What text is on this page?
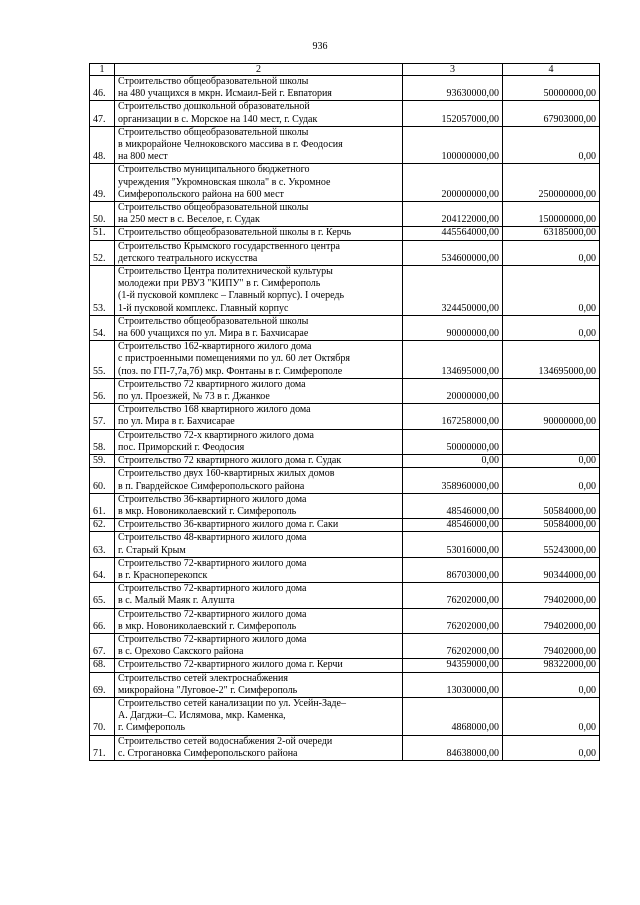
936
1	2	3	4
46.	Строительство общеобразовательной школы
на 480 учащихся в мкрн. Исмаил-Бей г. Евпатория	93630000,00	50000000,00
47.	Строительство дошкольной образовательной
организации в с. Морское на 140 мест, г. Судак	152057000,00	67903000,00
48.	Строительство общеобразовательной школы
в микрорайоне Челноковского массива в г. Феодосия
на 800 мест	100000000,00	0,00
49.	Строительство муниципального бюджетного
учреждения "Укромновская школа" в с. Укромное
Симферопольского района на 600 мест	200000000,00	250000000,00
50.	Строительство общеобразовательной школы
на 250 мест в с. Веселое, г. Судак	204122000,00	150000000,00
51.	Строительство общеобразовательной школы в г. Керчь	445564000,00	63185000,00
52.	Строительство Крымского государственного центра
детского театрального искусства	534600000,00	0,00
53.	Строительство Центра политехнической культуры
молодежи при РВУЗ "КИПУ" в г. Симферополь
(1-й пусковой комплекс – Главный корпус). I очередь
1-й пусковой комплекс. Главный корпус	324450000,00	0,00
54.	Строительство общеобразовательной школы
на 600 учащихся по ул. Мира в г. Бахчисарае	90000000,00	0,00
55.	Строительство 162-квартирного жилого дома
с пристроенными помещениями по ул. 60 лет Октября
(поз. по ГП-7,7а,7б) мкр. Фонтаны в г. Симферополе	134695000,00	134695000,00
56.	Строительство 72 квартирного жилого дома
по ул. Проезжей, № 73 в г. Джанкое	20000000,00	
57.	Строительство 168 квартирного жилого дома
по ул. Мира в г. Бахчисарае	167258000,00	90000000,00
58.	Строительство 72-х квартирного жилого дома
пос. Приморский г. Феодосия	50000000,00	
59.	Строительство 72 квартирного жилого дома г. Судак	0,00	0,00
60.	Строительство двух 160-квартирных жилых домов
в п. Гвардейское Симферопольского района	358960000,00	0,00
61.	Строительство 36-квартирного жилого дома
в мкр. Новониколаевский г. Симферополь	48546000,00	50584000,00
62.	Строительство 36-квартирного жилого дома г. Саки	48546000,00	50584000,00
63.	Строительство 48-квартирного жилого дома
г. Старый Крым	53016000,00	55243000,00
64.	Строительство 72-квартирного жилого дома
в г. Красноперекопск	86703000,00	90344000,00
65.	Строительство 72-квартирного жилого дома
в с. Малый Маяк г. Алушта	76202000,00	79402000,00
66.	Строительство 72-квартирного жилого дома
в мкр. Новониколаевский г. Симферополь	76202000,00	79402000,00
67.	Строительство 72-квартирного жилого дома
в с. Орехово Сакского района	76202000,00	79402000,00
68.	Строительство 72-квартирного жилого дома г. Керчи	94359000,00	98322000,00
69.	Строительство сетей электроснабжения
микрорайона "Луговое-2" г. Симферополь	13030000,00	0,00
70.	Строительство сетей канализации по ул. Усейн-Заде–
А. Дагджи–С. Ислямова, мкр. Каменка,
г. Симферополь	4868000,00	0,00
71.	Строительство сетей водоснабжения 2-ой очереди
с. Строгановка Симферопольского района	84638000,00	0,00
